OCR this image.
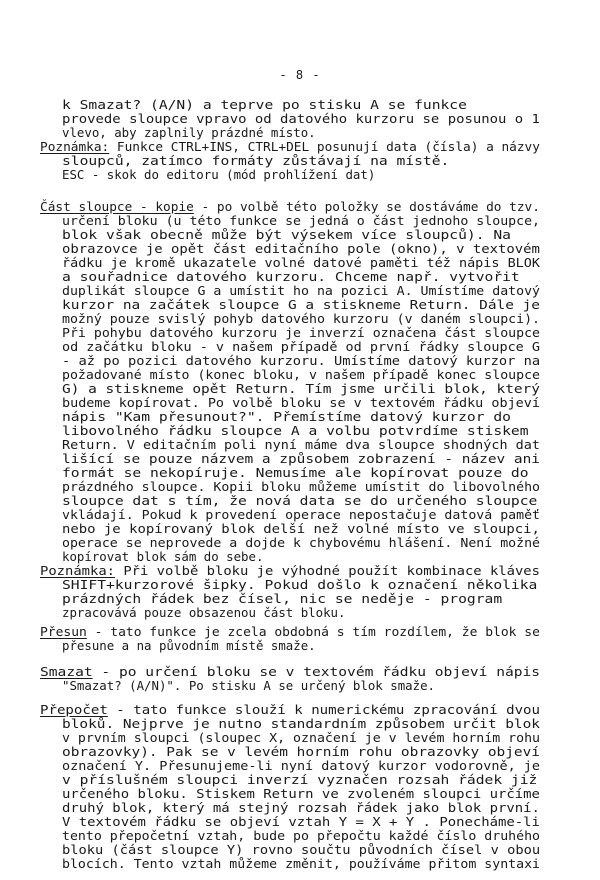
- 8 -
k Smazat? (A/N) a teprve po stisku A se funkce
provede sloupce vpravo od datového kurzoru se posunou o 1
vlevo, aby zaplnily prázdné místo.
Poznámka: Funkce CTRL+INS, CTRL+DEL posunují data (čísla) a názvy
sloupců, zatímco formáty zůstávají na místě.
ESC - skok do editoru (mód prohlížení dat)
Část sloupce - kopie - po volbě této položky se dostáváme do tzv.
určení bloku (u této funkce se jedná o část jednoho sloupce,
blok však obecně může být výsekem více sloupců). Na
obrazovce je opět část editačního pole (okno), v textovém
řádku je kromě ukazatele volné datové paměti též nápis BLOK
a souřadnice datového kurzoru. Chceme např. vytvořit
duplikát sloupce G a umístit ho na pozici A. Umístíme datový
kurzor na začátek sloupce G a stiskneme Return. Dále je
možný pouze svislý pohyb datového kurzoru (v daném sloupci).
Při pohybu datového kurzoru je inverzí označena část sloupce
od začátku bloku - v našem případě od první řádky sloupce G
- až po pozici datového kurzoru. Umístíme datový kurzor na
požadované místo (konec bloku, v našem případě konec sloupce
G) a stiskneme opět Return. Tím jsme určili blok, který
budeme kopírovat. Po volbě bloku se v textovém řádku objeví
nápis "Kam přesunout?". Přemístíme datový kurzor do
libovolného řádku sloupce A a volbu potvrdíme stiskem
Return. V editačním poli nyní máme dva sloupce shodných dat
lišící se pouze názvem a způsobem zobrazení - název ani
formát se nekopíruje. Nemusíme ale kopírovat pouze do
prázdného sloupce. Kopii bloku můžeme umístit do libovolného
sloupce dat s tím, že nová data se do určeného sloupce
vkládají. Pokud k provedení operace nepostačuje datová paměť
nebo je kopírovaný blok delší než volné místo ve sloupci,
operace se neprovede a dojde k chybovému hlášení. Není možné
kopírovat blok sám do sebe.
Poznámka: Při volbě bloku je výhodné použít kombinace kláves
SHIFT+kurzorové šipky. Pokud došlo k označení několika
prázdných řádek bez čísel, nic se neděje - program
zpracovává pouze obsazenou část bloku.
Přesun - tato funkce je zcela obdobná s tím rozdílem, že blok se
přesune a na původním místě smaže.
Smazat - po určení bloku se v textovém řádku objeví nápis
"Smazat? (A/N)". Po stisku A se určený blok smaže.
Přepočet - tato funkce slouží k numerickému zpracování dvou
bloků. Nejprve je nutno standardním způsobem určit blok
v prvním sloupci (sloupec X, označení je v levém horním rohu
obrazovky). Pak se v levém horním rohu obrazovky objeví
označení Y. Přesunujeme-li nyní datový kurzor vodorovně, je
v příslušném sloupci inverzí vyznačen rozsah řádek již
určeného bloku. Stiskem Return ve zvoleném sloupci určíme
druhý blok, který má stejný rozsah řádek jako blok první.
V textovém řádku se objeví vztah Y = X + Y . Ponecháme-li
tento přepočetní vztah, bude po přepočtu každé číslo druhého
bloku (část sloupce Y) rovno součtu původních čísel v obou
blocích. Tento vztah můžeme změnit, používáme přitom syntaxi
